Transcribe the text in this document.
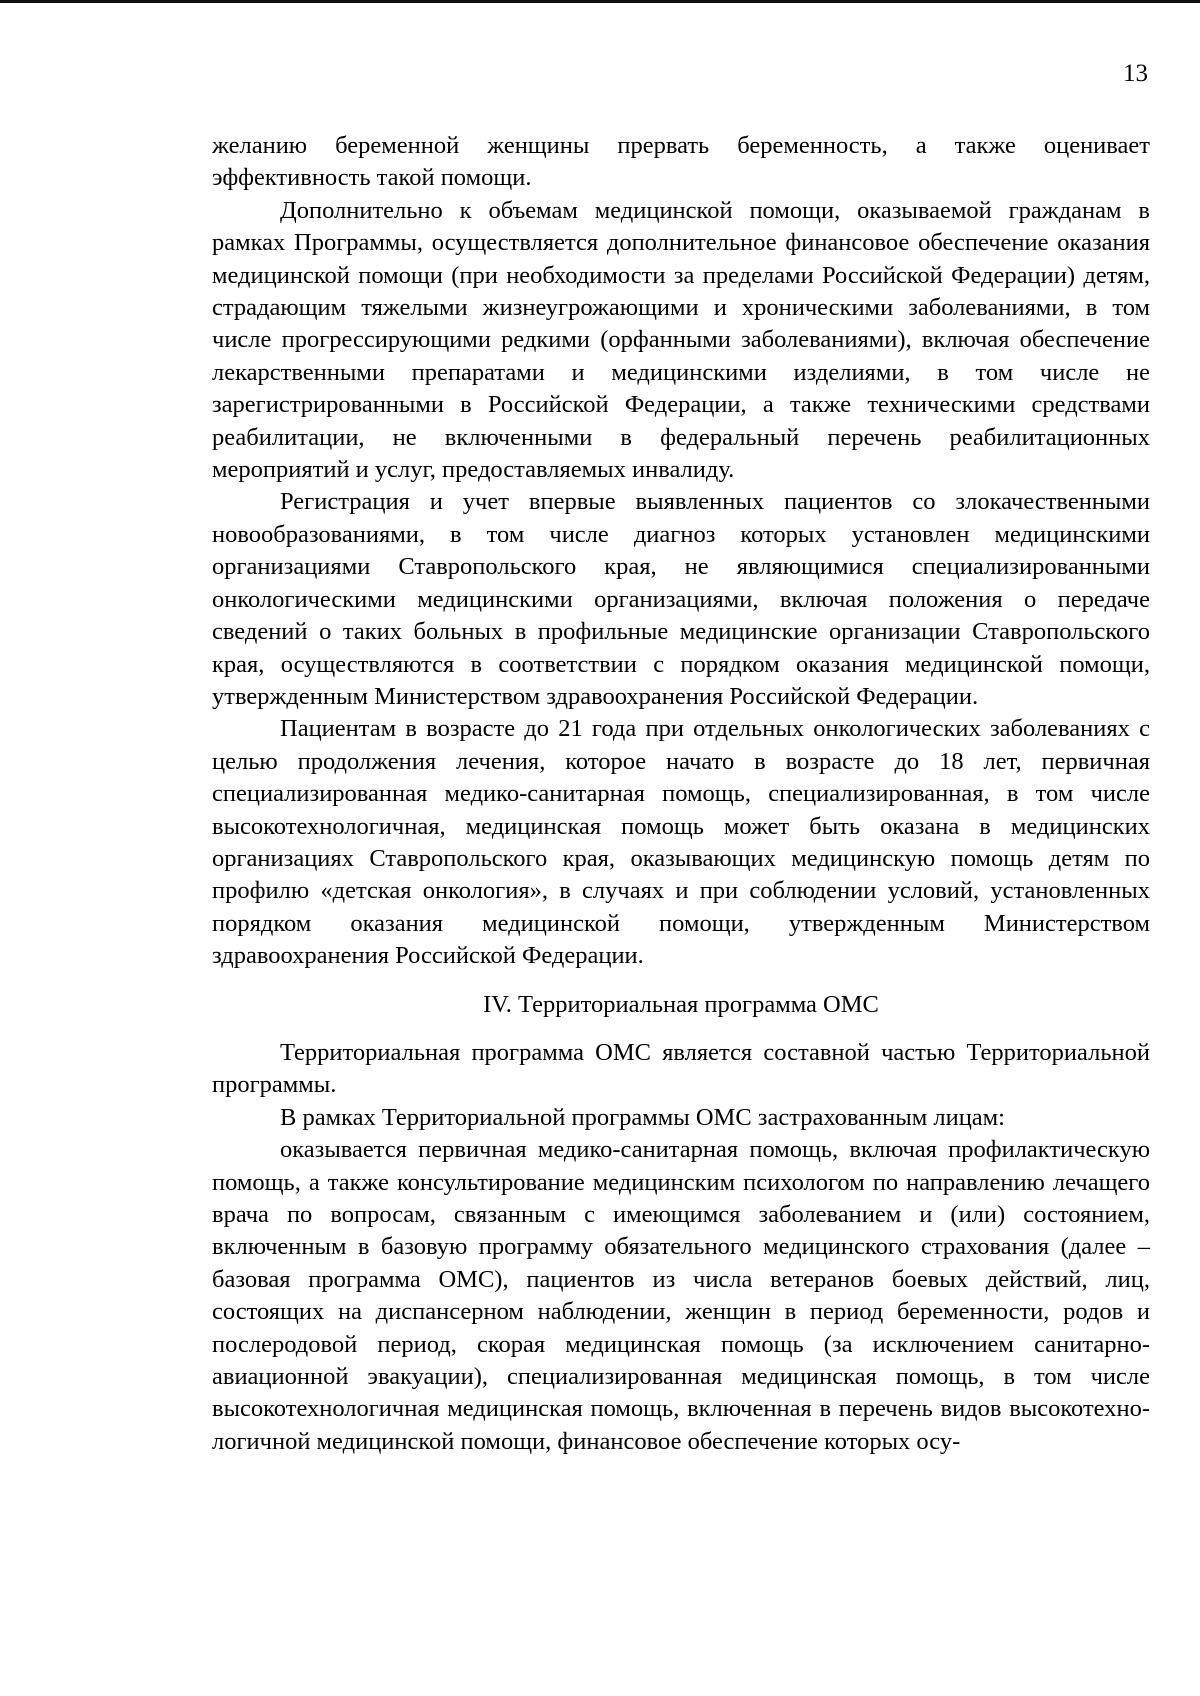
13

желанию беременной женщины прервать беременность, а также оценивает эффективность такой помощи.

Дополнительно к объемам медицинской помощи, оказываемой гражданам в рамках Программы, осуществляется дополнительное финансовое обеспечение оказания медицинской помощи (при необходимости за пределами Российской Федерации) детям, страдающим тяжелыми жизнеугрожающими и хроническими заболеваниями, в том числе прогрессирующими редкими (орфанными заболеваниями), включая обеспечение лекарственными препаратами и медицинскими изделиями, в том числе не зарегистрированными в Российской Федерации, а также техническими средствами реабилитации, не включенными в федеральный перечень реабилитационных мероприятий и услуг, предоставляемых инвалиду.

Регистрация и учет впервые выявленных пациентов со злокачественными новообразованиями, в том числе диагноз которых установлен медицинскими организациями Ставропольского края, не являющимися специализированными онкологическими медицинскими организациями, включая положения о передаче сведений о таких больных в профильные медицинские организации Ставропольского края, осуществляются в соответствии с порядком оказания медицинской помощи, утвержденным Министерством здравоохранения Российской Федерации.

Пациентам в возрасте до 21 года при отдельных онкологических заболеваниях с целью продолжения лечения, которое начато в возрасте до 18 лет, первичная специализированная медико-санитарная помощь, специализированная, в том числе высокотехнологичная, медицинская помощь может быть оказана в медицинских организациях Ставропольского края, оказывающих медицинскую помощь детям по профилю «детская онкология», в случаях и при соблюдении условий, установленных порядком оказания медицинской помощи, утвержденным Министерством здравоохранения Российской Федерации.

IV. Территориальная программа ОМС

Территориальная программа ОМС является составной частью Территориальной программы.

В рамках Территориальной программы ОМС застрахованным лицам:

оказывается первичная медико-санитарная помощь, включая профилактическую помощь, а также консультирование медицинским психологом по направлению лечащего врача по вопросам, связанным с имеющимся заболеванием и (или) состоянием, включенным в базовую программу обязательного медицинского страхования (далее – базовая программа ОМС), пациентов из числа ветеранов боевых действий, лиц, состоящих на диспансерном наблюдении, женщин в период беременности, родов и послеродовой период, скорая медицинская помощь (за исключением санитарно-авиационной эвакуации), специализированная медицинская помощь, в том числе высокотехнологичная медицинская помощь, включенная в перечень видов высокотехнологичной медицинской помощи, финансовое обеспечение которых осу-
